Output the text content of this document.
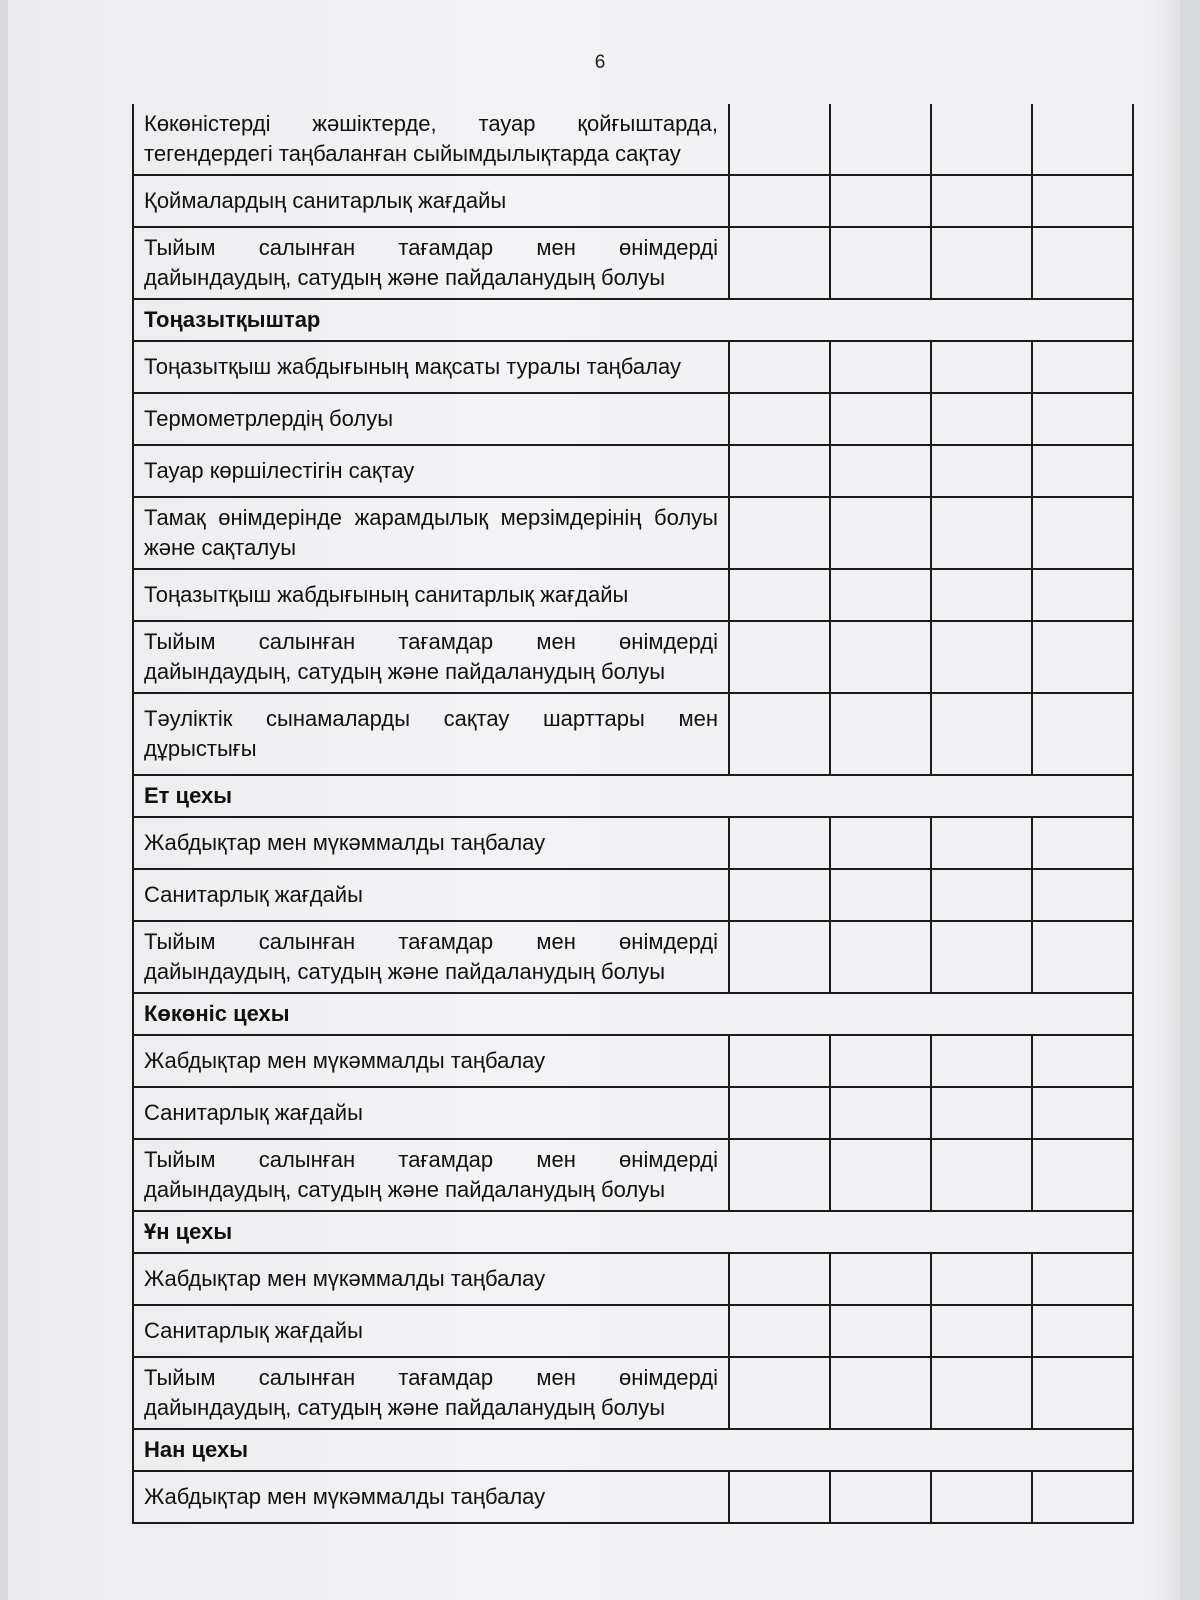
6
Көкөністерді жәшіктерде, тауар қойғыштарда, тегендердегі таңбаланған сыйымдылықтарда сақтау				
Қоймалардың санитарлық жағдайы				
Тыйым салынған тағамдар мен өнімдерді дайындаудың, сатудың және пайдаланудың болуы				
Тоңазытқыштар				
Тоңазытқыш жабдығының мақсаты туралы таңбалау				
Термометрлердің болуы				
Тауар көршілестігін сақтау				
Тамақ өнімдерінде жарамдылық мерзімдерінің болуы және сақталуы				
Тоңазытқыш жабдығының санитарлық жағдайы				
Тыйым салынған тағамдар мен өнімдерді дайындаудың, сатудың және пайдаланудың болуы				
Тәуліктік сынамаларды сақтау шарттары мен дұрыстығы				
Ет цехы				
Жабдықтар мен мүкәммалды таңбалау				
Санитарлық жағдайы				
Тыйым салынған тағамдар мен өнімдерді дайындаудың, сатудың және пайдаланудың болуы				
Көкөніс цехы				
Жабдықтар мен мүкәммалды таңбалау				
Санитарлық жағдайы				
Тыйым салынған тағамдар мен өнімдерді дайындаудың, сатудың және пайдаланудың болуы				
Ұн цехы				
Жабдықтар мен мүкәммалды таңбалау				
Санитарлық жағдайы				
Тыйым салынған тағамдар мен өнімдерді дайындаудың, сатудың және пайдаланудың болуы				
Нан цехы				
Жабдықтар мен мүкәммалды таңбалау				
